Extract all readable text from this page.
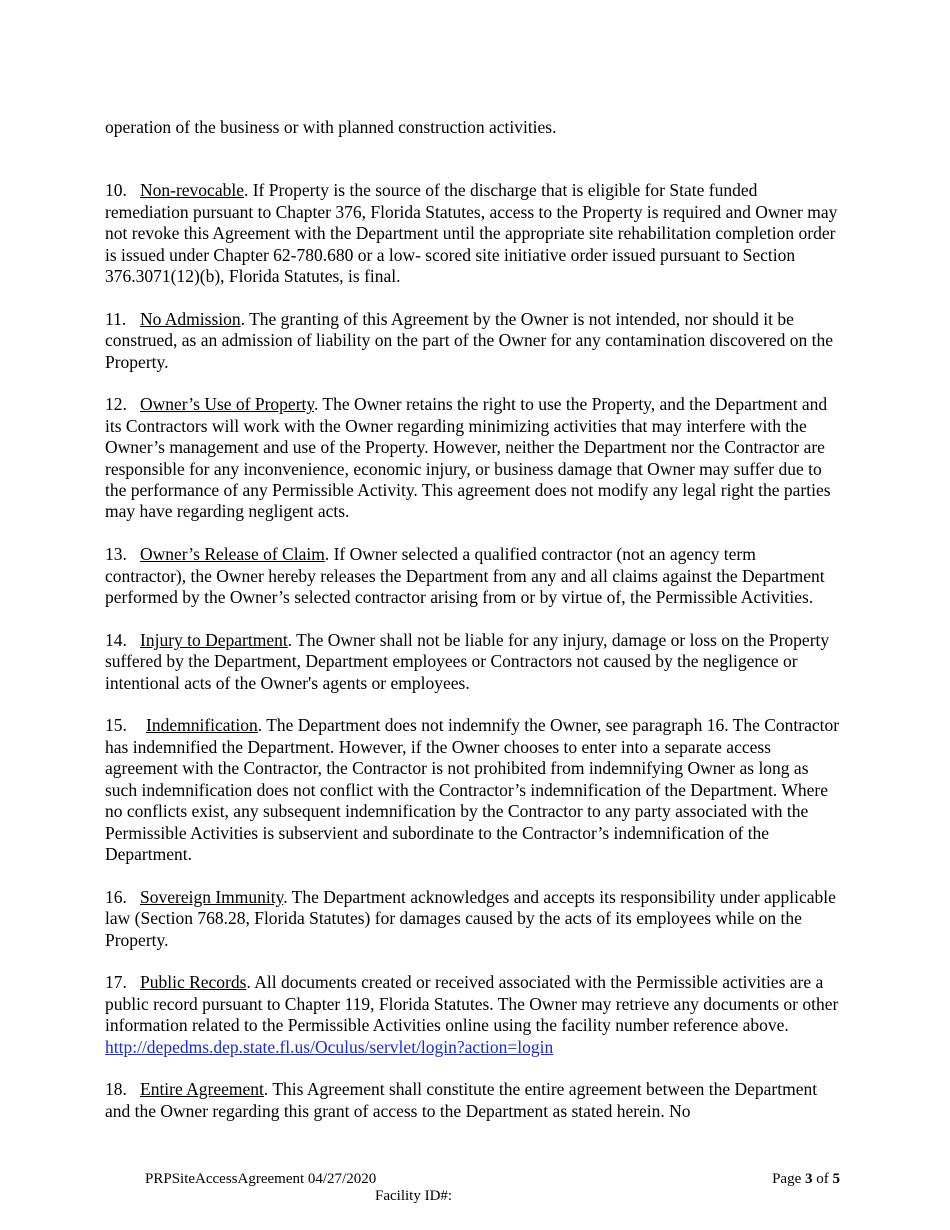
operation of the business or with planned construction activities.

10. Non-revocable. If Property is the source of the discharge that is eligible for State funded remediation pursuant to Chapter 376, Florida Statutes, access to the Property is required and Owner may not revoke this Agreement with the Department until the appropriate site rehabilitation completion order is issued under Chapter 62-780.680 or a low- scored site initiative order issued pursuant to Section 376.3071(12)(b), Florida Statutes, is final.

11. No Admission. The granting of this Agreement by the Owner is not intended, nor should it be construed, as an admission of liability on the part of the Owner for any contamination discovered on the Property.

12. Owner’s Use of Property. The Owner retains the right to use the Property, and the Department and its Contractors will work with the Owner regarding minimizing activities that may interfere with the Owner’s management and use of the Property. However, neither the Department nor the Contractor are responsible for any inconvenience, economic injury, or business damage that Owner may suffer due to the performance of any Permissible Activity. This agreement does not modify any legal right the parties may have regarding negligent acts.

13. Owner’s Release of Claim. If Owner selected a qualified contractor (not an agency term contractor), the Owner hereby releases the Department from any and all claims against the Department performed by the Owner’s selected contractor arising from or by virtue of, the Permissible Activities.

14. Injury to Department. The Owner shall not be liable for any injury, damage or loss on the Property suffered by the Department, Department employees or Contractors not caused by the negligence or intentional acts of the Owner's agents or employees.

15. Indemnification. The Department does not indemnify the Owner, see paragraph 16. The Contractor has indemnified the Department. However, if the Owner chooses to enter into a separate access agreement with the Contractor, the Contractor is not prohibited from indemnifying Owner as long as such indemnification does not conflict with the Contractor’s indemnification of the Department. Where no conflicts exist, any subsequent indemnification by the Contractor to any party associated with the Permissible Activities is subservient and subordinate to the Contractor’s indemnification of the Department.

16. Sovereign Immunity. The Department acknowledges and accepts its responsibility under applicable law (Section 768.28, Florida Statutes) for damages caused by the acts of its employees while on the Property.

17. Public Records. All documents created or received associated with the Permissible activities are a public record pursuant to Chapter 119, Florida Statutes. The Owner may retrieve any documents or other information related to the Permissible Activities online using the facility number reference above.
http://depedms.dep.state.fl.us/Oculus/servlet/login?action=login

18. Entire Agreement. This Agreement shall constitute the entire agreement between the Department and the Owner regarding this grant of access to the Department as stated herein. No

PRPSiteAccessAgreement 04/27/2020	Page 3 of 5
Facility ID#:
